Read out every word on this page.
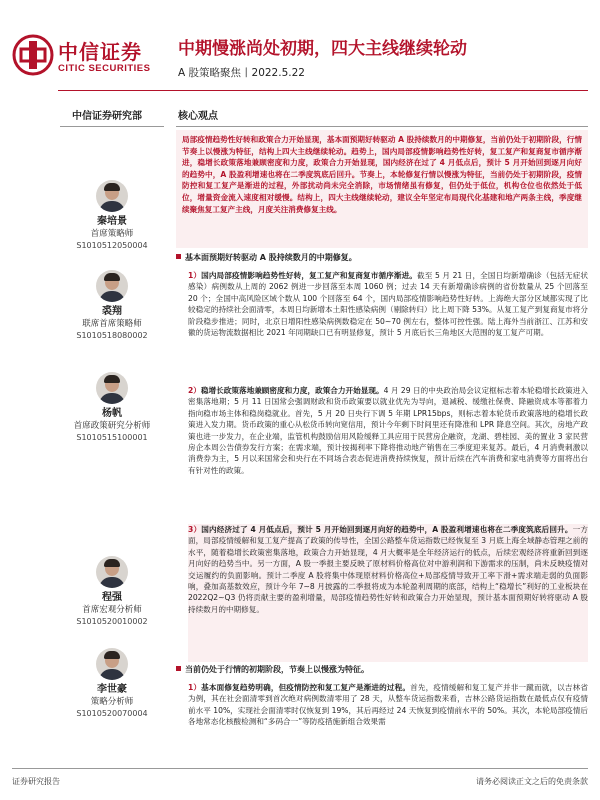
中信证券
CITIC SECURITIES
中期慢涨尚处初期，四大主线继续轮动
A 股策略聚焦丨2022.5.22
中信证券研究部
秦培景
首席策略师
S1010512050004
裘翔
联席首席策略师
S1010518080002
杨帆
首席政策研究分析师
S1010515100001
程强
首席宏观分析师
S1010520010002
李世豪
策略分析师
S1010520070004
核心观点

局部疫情趋势性好转和政策合力开始显现，基本面预期好转驱动 A 股持续数月的中期修复，当前仍处于初期阶段，行情节奏上以慢涨为特征，结构上四大主线继续轮动。趋势上，国内局部疫情影响趋势性好转，复工复产和复商复市循序渐进，稳增长政策落地兼顾密度和力度，政策合力开始显现，国内经济在过了 4 月低点后，预计 5 月开始回到逐月向好的趋势中，A 股盈利增速也将在二季度筑底后回升。节奏上，本轮修复行情以慢涨为特征，当前仍处于初期阶段，疫情防控和复工复产是渐进的过程，外部扰动尚未完全消除，市场情绪虽有修复，但仍处于低位，机构仓位也依然处于低位，增量资金流入速度相对缓慢。结构上，四大主线继续轮动，建议全年坚定布局现代化基建和地产两条主线，季度继续聚焦复工复产主线，月度关注消费修复主线。

基本面预期好转驱动 A 股持续数月的中期修复。
1）国内局部疫情影响趋势性好转，复工复产和复商复市循序渐进。截至 5 月 21 日，全国日均新增确诊（包括无症状感染）病例数从上周的 2062 例进一步回落至本周 1060 例；过去 14 天有新增确诊病例的省份数量从 25 个回落至 20 个；全国中高风险区域个数从 100 个回落至 64 个，国内局部疫情影响趋势性好转。上海绝大部分区域都实现了比较稳定的持续社会面清零，本周日均新增本土阳性感染病例（剔除转归）比上周下降 53%。从复工复产到复商复市将分阶段稳步推进；同时，北京日增阳性感染病例数稳定在 50~70 例左右，整体可控性强。陆上海外当前浙江、江苏和安徽的货运物流数据相比 2021 年同期缺口已有明显修复，预计 5 月底后长三角地区大范围的复工复产可期。
2）稳增长政策落地兼顾密度和力度，政策合力开始显现。4 月 29 日的中央政治局会议定框标志着本轮稳增长政策进入密集落地期；5 月 11 日国常会强调财政和货币政策要以就业优先为导向，退减税、缓缴社保费、降融资成本等都着力指向稳市场主体和稳岗稳就业。首先，5 月 20 日央行下调 5 年期 LPR15bps，则标志着本轮货币政策落地的稳增长政策进入发力期。货币政策的重心从松货币转向宽信用，预计今年剩下时间里还有降准和 LPR 降息空间。其次，房地产政策也进一步发力，在企业端，监管机构鼓励信用风险缓释工具应用于民营房企融资，龙湖、碧桂园、美的置业 3 家民营房企本周公告债券发行方案；在需求端，预计按揭利率下降将推动地产销售在三季度迎来复苏。最后，4 月消费刺激以消费券为主，5 月以来国常会和央行在不同场合表态促进消费持续恢复，预计后续在汽车消费和家电消费等方面将出台有针对性的政策。
3）国内经济过了 4 月低点后，预计 5 月开始回到逐月向好的趋势中，A 股盈利增速也将在二季度筑底后回升。一方面，局部疫情缓解和复工复产提高了政策的传导性，全国公路整车货运指数已经恢复至 3 月底上海全域静态管理之前的水平，随着稳增长政策密集落地，政策合力开始显现，4 月大概率是全年经济运行的低点，后续宏观经济将重新回到逐月向好的趋势当中。另一方面，A 股一季报主要反映了原材料价格高位对中游利润和下游需求的压制，尚未反映疫情对交运履约的负面影响。预计二季度 A 股将集中体现原材料价格高位+局部疫情导致开工率下滑+需求端走弱的负面影响，叠加高基数效应，预计今年 7~8 月披露的二季报将成为本轮盈利周期的底部，结构上“稳增长”利好的工业板块在 2022Q2~Q3 仍将贡献主要的盈利增量，局部疫情趋势性好转和政策合力开始显现，预计基本面预期好转将驱动 A 股持续数月的中期修复。
当前仍处于行情的初期阶段，节奏上以慢涨为特征。
1）基本面修复趋势明确，但疫情防控和复工复产是渐进的过程。首先，疫情缓解和复工复产并非一蹴而就，以吉林省为例，其在社会面清零到首次绝对病例数清零用了 28 天，从整车货运指数来看，吉林公路货运指数在最低点仅有疫情前水平 10%，实现社会面清零时仅恢复到 19%，其后再经过 24 天恢复到疫情前水平的 50%。其次，本轮局部疫情后各地常态化核酸检测和“多码合一”等防疫措施新组合效果需
证券研究报告	请务必阅读正文之后的免责条款
